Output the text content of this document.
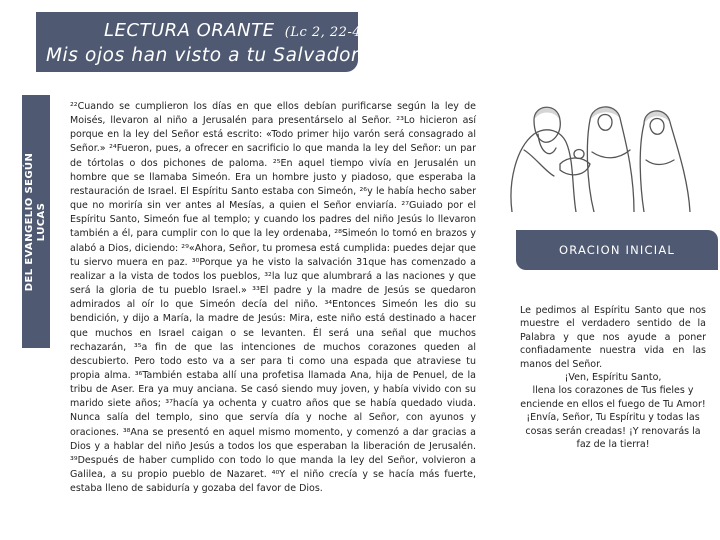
LECTURA ORANTE (Lc 2, 22-40)
Mis ojos han visto a tu Salvador
DEL EVANGELIO SEGÚN LUCAS

²²Cuando se cumplieron los días en que ellos debían purificarse según la ley de Moisés, llevaron al niño a Jerusalén para presentárselo al Señor. ²³Lo hicieron así porque en la ley del Señor está escrito: «Todo primer hijo varón será consagrado al Señor.» ²⁴Fueron, pues, a ofrecer en sacrificio lo que manda la ley del Señor: un par de tórtolas o dos pichones de paloma. ²⁵En aquel tiempo vivía en Jerusalén un hombre que se llamaba Simeón. Era un hombre justo y piadoso, que esperaba la restauración de Israel. El Espíritu Santo estaba con Simeón, ²⁶y le había hecho saber que no moriría sin ver antes al Mesías, a quien el Señor enviaría. ²⁷Guiado por el Espíritu Santo, Simeón fue al templo; y cuando los padres del niño Jesús lo llevaron también a él, para cumplir con lo que la ley ordenaba, ²⁸Simeón lo tomó en brazos y alabó a Dios, diciendo: ²⁹«Ahora, Señor, tu promesa está cumplida: puedes dejar que tu siervo muera en paz. ³⁰Porque ya he visto la salvación 31que has comenzado a realizar a la vista de todos los pueblos, ³²la luz que alumbrará a las naciones y que será la gloria de tu pueblo Israel.» ³³El padre y la madre de Jesús se quedaron admirados al oír lo que Simeón decía del niño. ³⁴Entonces Simeón les dio su bendición, y dijo a María, la madre de Jesús: Mira, este niño está destinado a hacer que muchos en Israel caigan o se levanten. Él será una señal que muchos rechazarán, ³⁵a fin de que las intenciones de muchos corazones queden al descubierto. Pero todo esto va a ser para ti como una espada que atraviese tu propia alma. ³⁶También estaba allí una profetisa llamada Ana, hija de Penuel, de la tribu de Aser. Era ya muy anciana. Se casó siendo muy joven, y había vivido con su marido siete años; ³⁷hacía ya ochenta y cuatro años que se había quedado viuda. Nunca salía del templo, sino que servía día y noche al Señor, con ayunos y oraciones. ³⁸Ana se presentó en aquel mismo momento, y comenzó a dar gracias a Dios y a hablar del niño Jesús a todos los que esperaban la liberación de Jerusalén. ³⁹Después de haber cumplido con todo lo que manda la ley del Señor, volvieron a Galilea, a su propio pueblo de Nazaret. ⁴⁰Y el niño crecía y se hacía más fuerte, estaba lleno de sabiduría y gozaba del favor de Dios.

ORACION INICIAL

Le pedimos al Espíritu Santo que nos muestre el verdadero sentido de la Palabra y que nos ayude a poner confiadamente nuestra vida en las manos del Señor.

¡Ven, Espíritu Santo,
llena los corazones de Tus fieles y enciende en ellos el fuego de Tu Amor!
¡Envía, Señor, Tu Espíritu y todas las cosas serán creadas! ¡Y renovarás la faz de la tierra!
